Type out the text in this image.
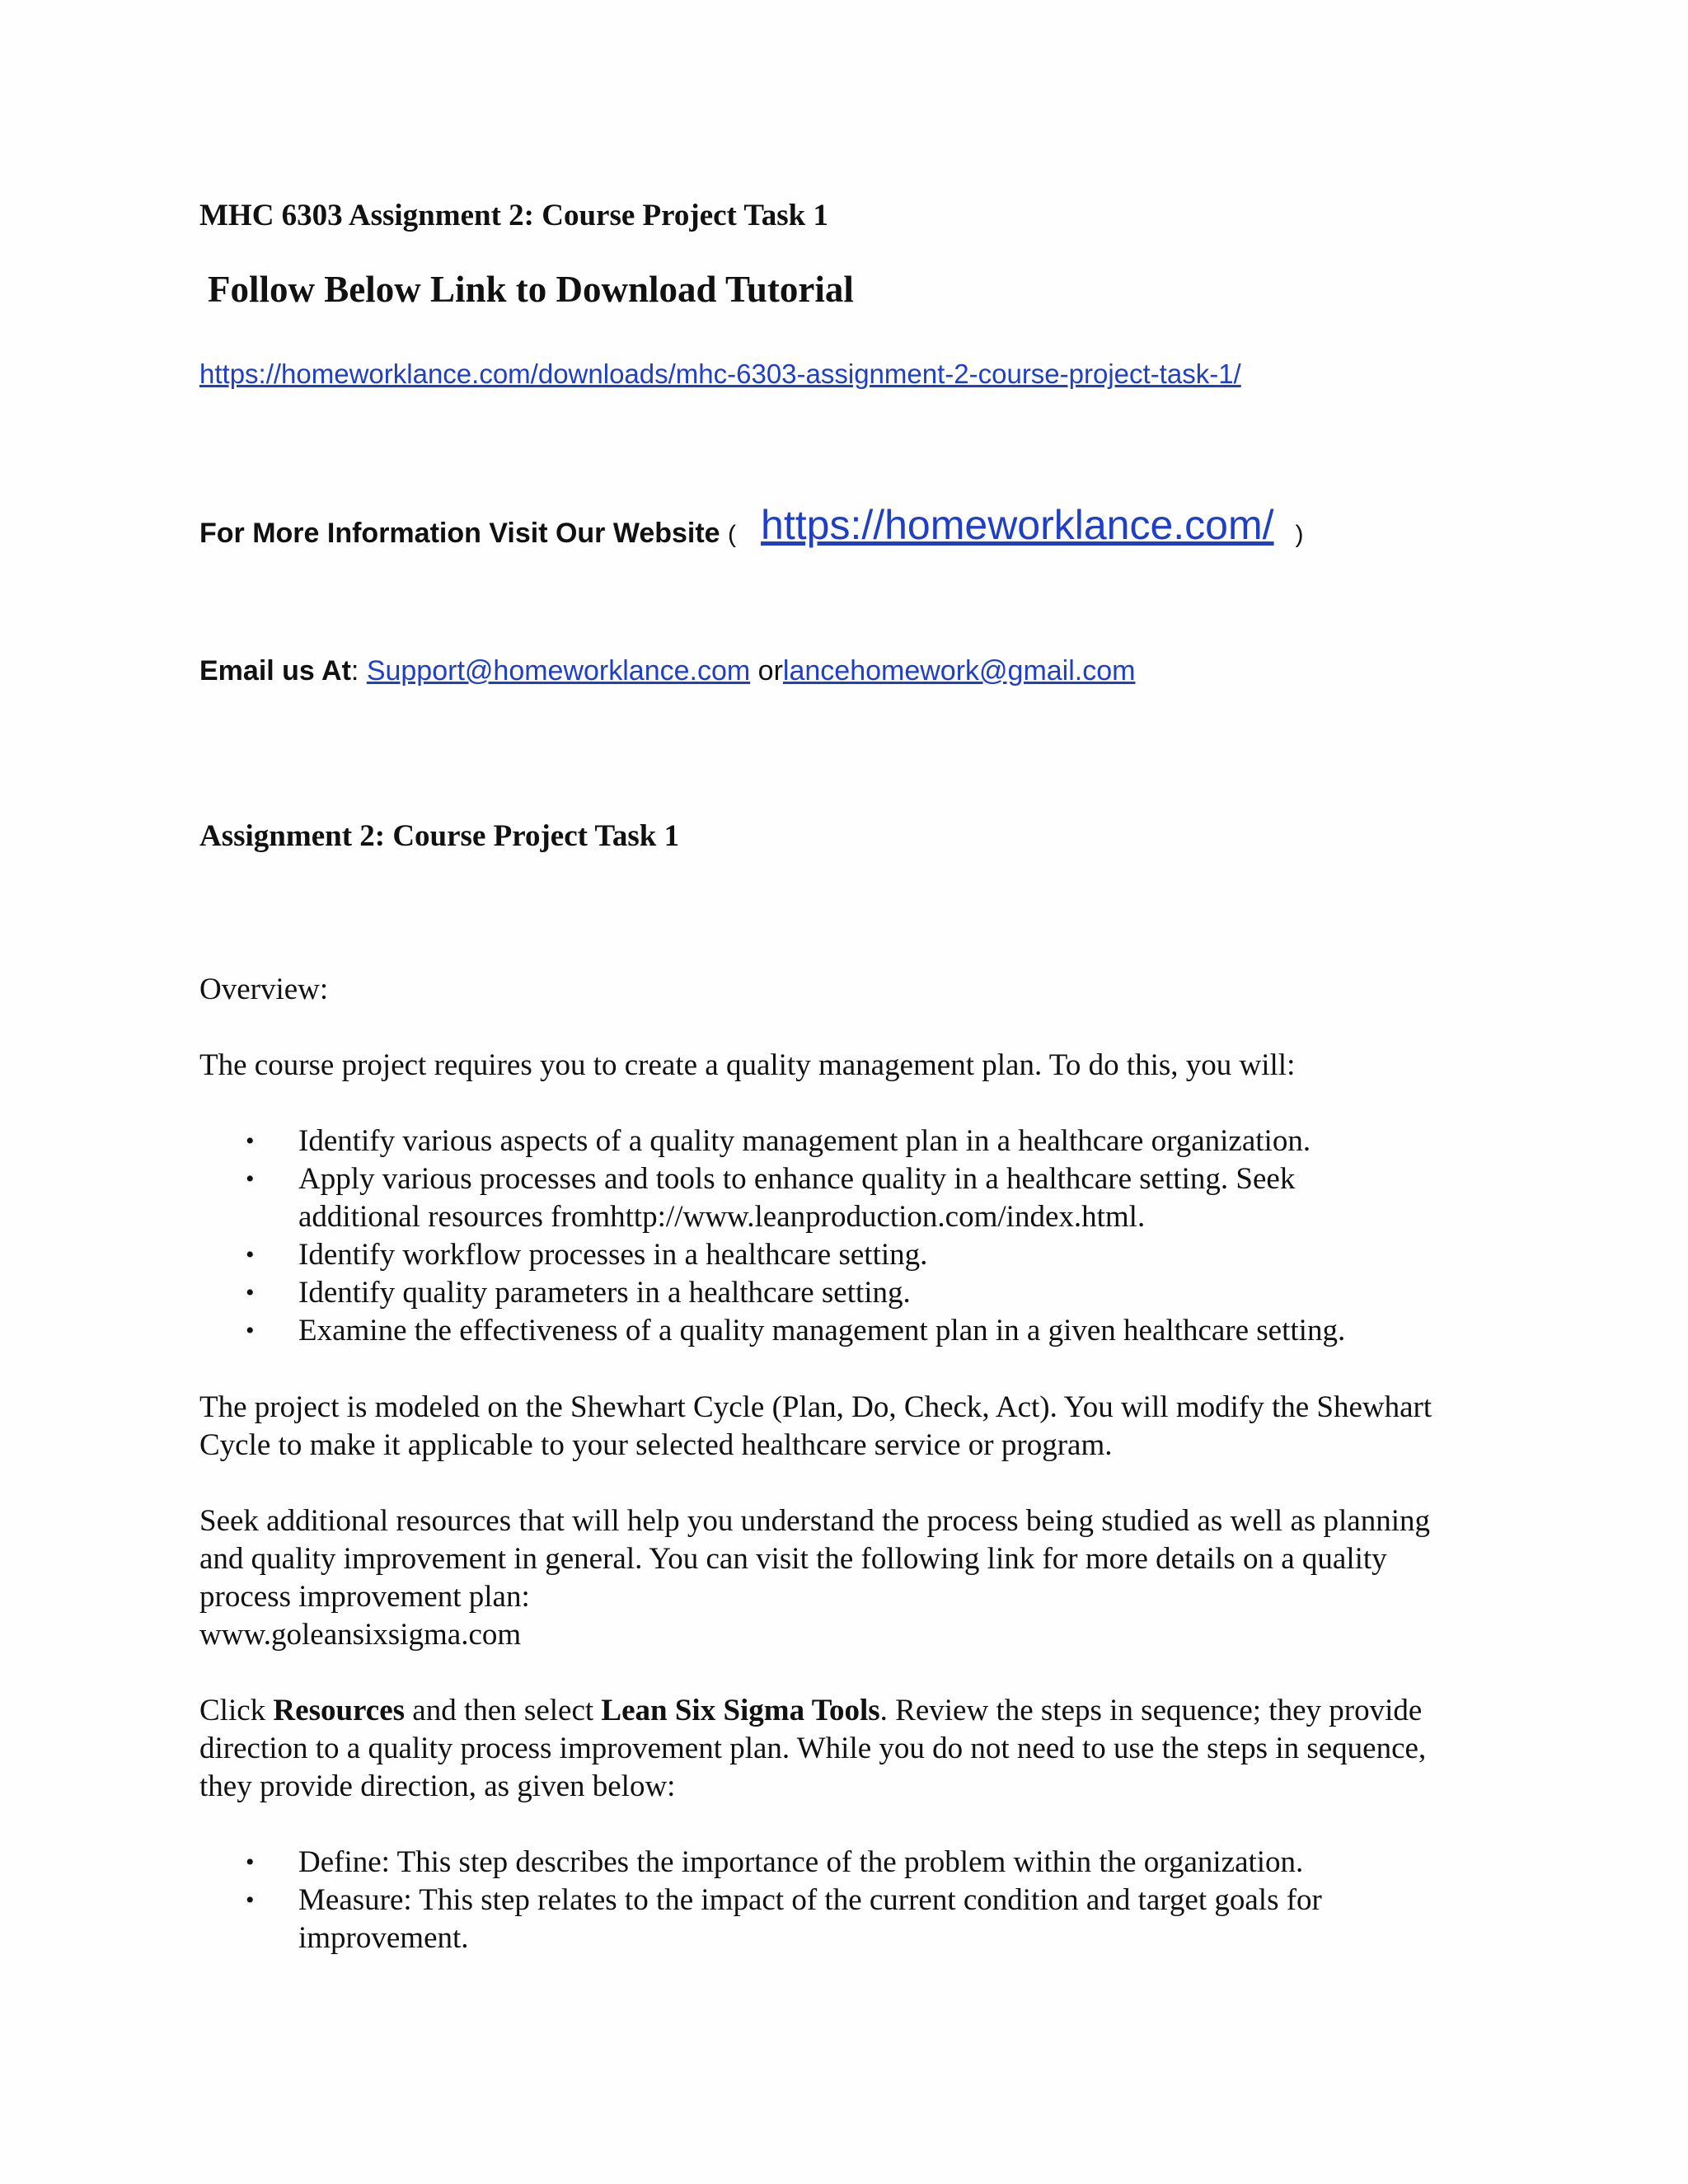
MHC 6303 Assignment 2: Course Project Task 1
Follow Below Link to Download Tutorial
https://homeworklance.com/downloads/mhc-6303-assignment-2-course-project-task-1/
For More Information Visit Our Website ( https://homeworklance.com/ )
Email us At: Support@homeworklance.com orlancehomework@gmail.com
Assignment 2: Course Project Task 1
Overview:
The course project requires you to create a quality management plan. To do this, you will:
• Identify various aspects of a quality management plan in a healthcare organization.
• Apply various processes and tools to enhance quality in a healthcare setting. Seek additional resources fromhttp://www.leanproduction.com/index.html.
• Identify workflow processes in a healthcare setting.
• Identify quality parameters in a healthcare setting.
• Examine the effectiveness of a quality management plan in a given healthcare setting.
The project is modeled on the Shewhart Cycle (Plan, Do, Check, Act). You will modify the Shewhart Cycle to make it applicable to your selected healthcare service or program.
Seek additional resources that will help you understand the process being studied as well as planning and quality improvement in general. You can visit the following link for more details on a quality process improvement plan:
www.goleansixsigma.com
Click Resources and then select Lean Six Sigma Tools. Review the steps in sequence; they provide direction to a quality process improvement plan. While you do not need to use the steps in sequence, they provide direction, as given below:
• Define: This step describes the importance of the problem within the organization.
• Measure: This step relates to the impact of the current condition and target goals for improvement.
